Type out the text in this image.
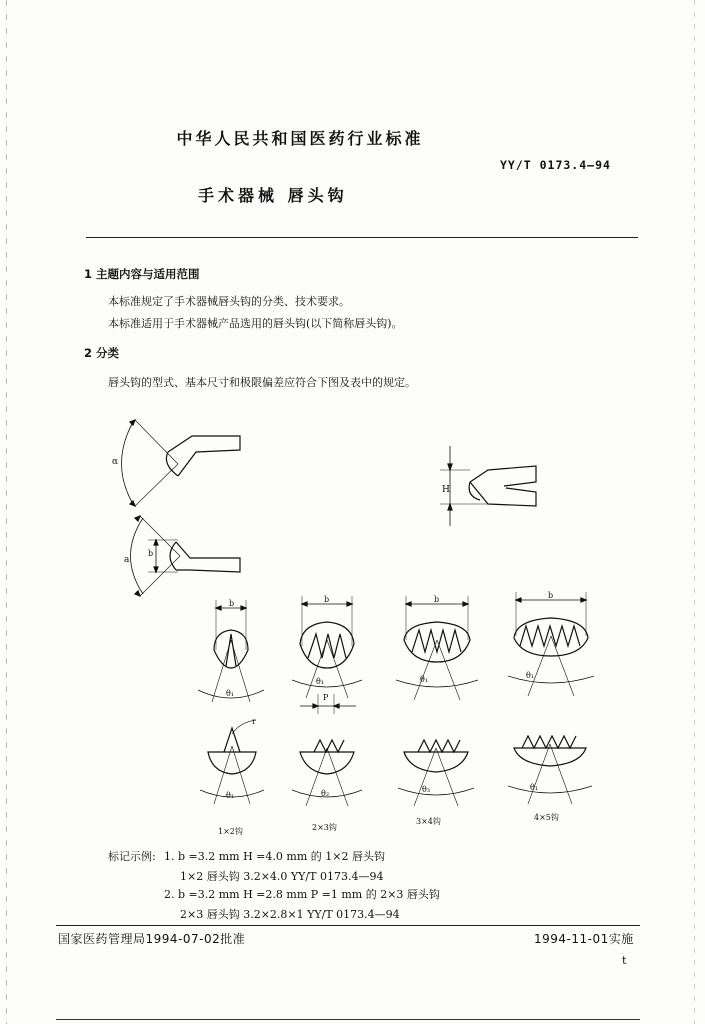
中华人民共和国医药行业标准
YY/T 0173.4—94
手术器械 唇头钩
1 主题内容与适用范围
本标准规定了手术器械唇头钩的分类、技术要求。
本标准适用于手术器械产品选用的唇头钩(以下简称唇头钩)。
2 分类
唇头钩的型式、基本尺寸和极限偏差应符合下图及表中的规定。
α
a
b
H
b
θ₁
b
θ₁
P
b
θ₁
b
θ₁
r
θ₁	θ₂	θ₃	θ₁
1×2钩	2×3钩
3×4钩	4×5钩
标记示例: 1. b =3.2 mm H =4.0 mm 的 1×2 唇头钩
1×2 唇头钩 3.2×4.0 YY/T 0173.4—94
2. b =3.2 mm H =2.8 mm P =1 mm 的 2×3 唇头钩
2×3 唇头钩 3.2×2.8×1 YY/T 0173.4—94
国家医药管理局1994-07-02批准	1994-11-01实施
t
